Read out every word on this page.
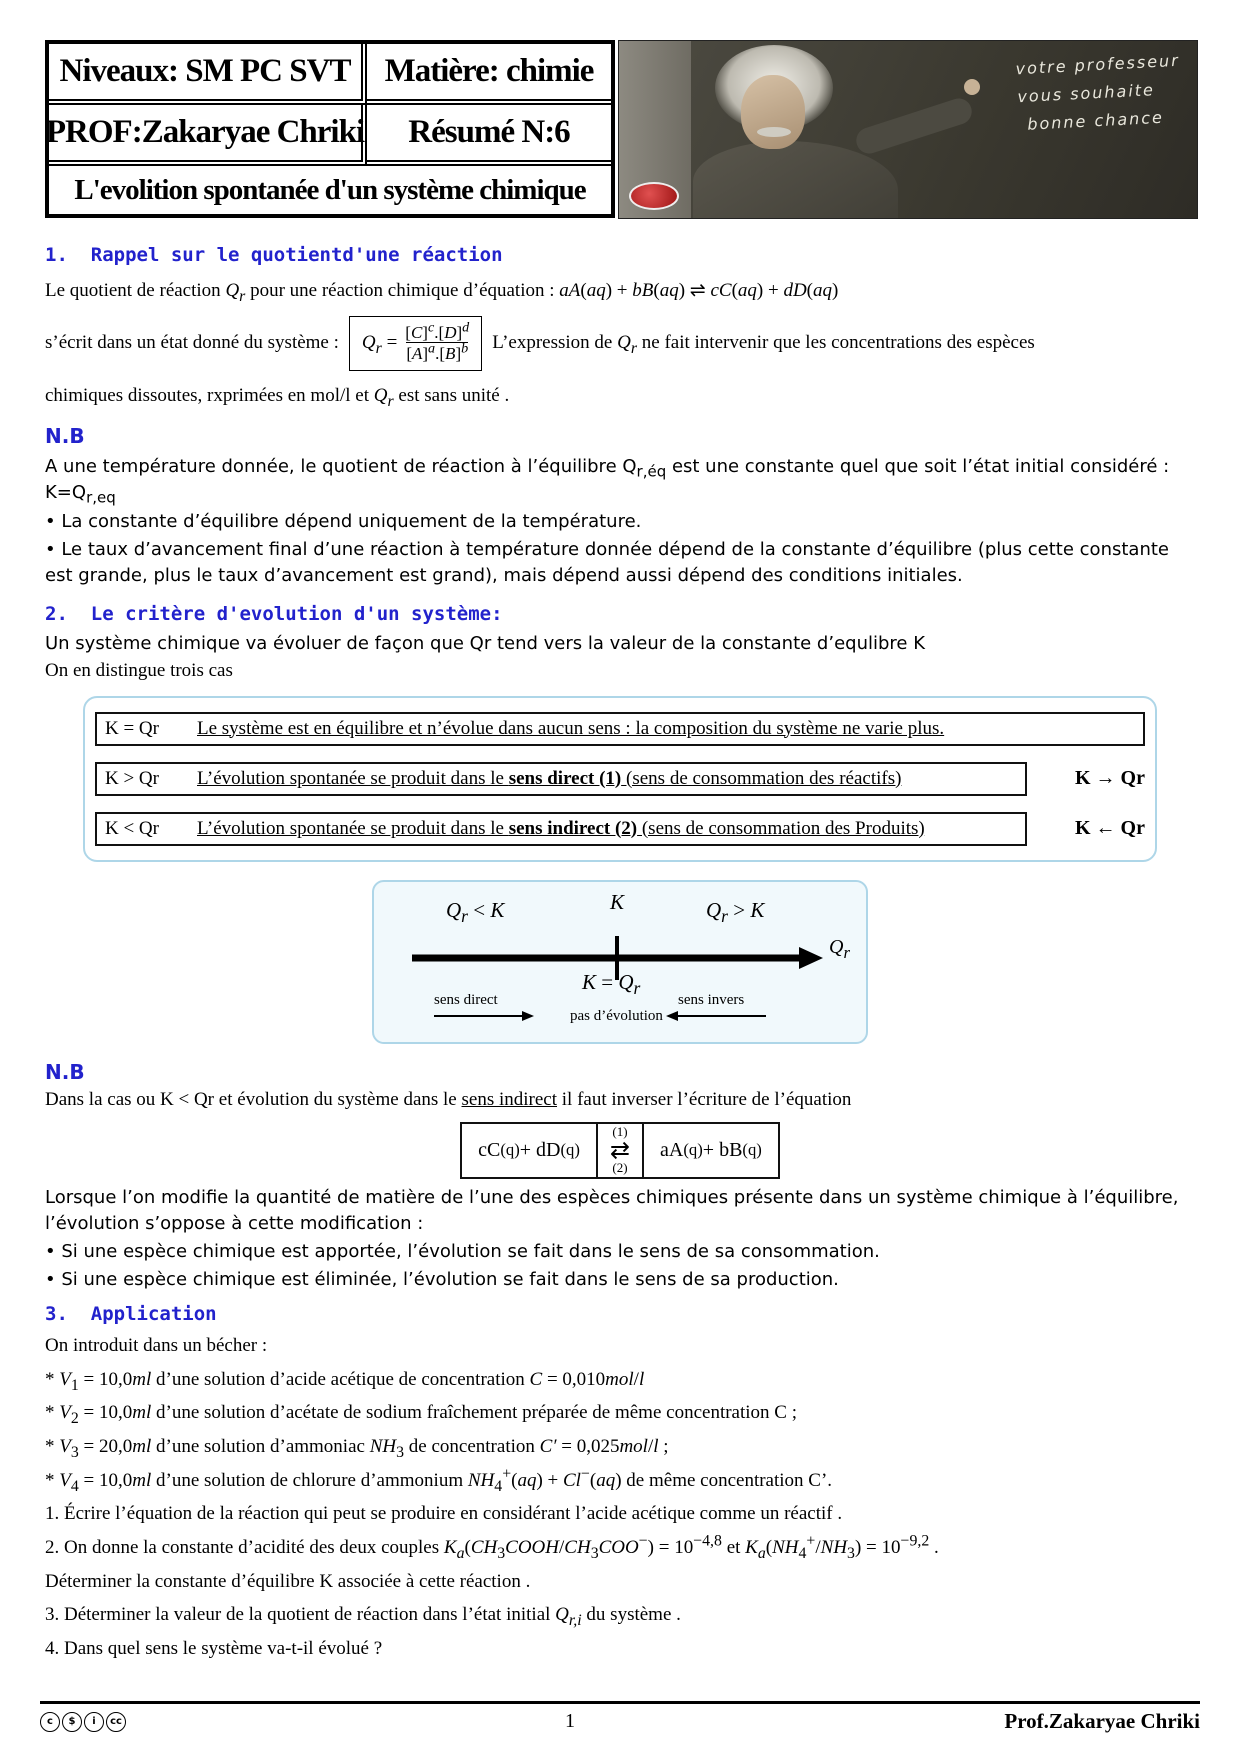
Niveaux: SM PC SVT Matière: chimie
PROF:Zakaryae Chriki Résumé N:6
L'evolition spontanée d'un système chimique
votre professeur
vous souhaite
bonne chance
1.  Rappel sur le quotientd'une réaction
Le quotient de réaction $Q_r$ pour une réaction chimique d’équation : aA(aq) + bB(aq) ⇌ cC(aq) + dD(aq)
s’écrit dans un état donné du système : $Q_r = \frac{[C]^c.[D]^d}{[A]^a.[B]^b}$ L’expression de $Q_r$ ne fait intervenir que les concentrations des espèces
chimiques dissoutes, rxprimées en mol/l et $Q_r$ est sans unité .
N.B
A une température donnée, le quotient de réaction à l’équilibre $Q_{r,éq}$ est une constante quel que soit l’état initial considéré : $K=Q_{r,eq}$
• La constante d’équilibre dépend uniquement de la température.
• Le taux d’avancement final d’une réaction à température donnée dépend de la constante d’équilibre (plus cette constante est grande, plus le taux d’avancement est grand), mais dépend aussi dépend des conditions initiales.
2.  Le critère d'evolution d'un système:
Un système chimique va évoluer de façon que Qr tend vers la valeur de la constante d’equlibre K
On en distingue trois cas
K = Qr	Le système est en équilibre et n’évolue dans aucun sens : la composition du système ne varie plus.
K > Qr	L’évolution spontanée se produit dans le sens direct (1) (sens de consommation des réactifs)	K → Qr
K < Qr	L’évolution spontanée se produit dans le sens indirect (2) (sens de consommation des Produits)	K ← Qr
$Q_r < K$	K	$Q_r > K$
$Q_r$
$K = Q_r$
sens direct
pas d’évolution
sens invers
N.B
Dans la cas ou K < Qr et évolution du système dans le sens indirect il faut inverser l’écriture de l’équation
cC (q) + dD (q)
(1)
⇄
(2)
aA (q) + bB (q)
Lorsque l’on modifie la quantité de matière de l’une des espèces chimiques présente dans un système chimique à l’équilibre, l’évolution s’oppose à cette modification :
• Si une espèce chimique est apportée, l’évolution se fait dans le sens de sa consommation.
• Si une espèce chimique est éliminée, l’évolution se fait dans le sens de sa production.
3.  Application
On introduit dans un bécher :
* $V_1 = 10,0ml$ d’une solution d’acide acétique de concentration C = 0,010mol/l
* $V_2 = 10,0ml$ d’une solution d’acétate de sodium fraîchement préparée de même concentration C ;
* $V_3 = 20,0ml$ d’une solution d’ammoniac $NH_3$ de concentration C′ = 0,025mol/l ;
* $V_4 = 10,0ml$ d’une solution de chlorure d’ammonium $NH_4^+(aq) + Cl^-(aq)$ de même concentration C’.
1. Écrire l’équation de la réaction qui peut se produire en considérant l’acide acétique comme un réactif .
2. On donne la constante d’acidité des deux couples $K_a(CH_3COOH/CH_3COO^-) = 10^{-4,8}$ et $K_a(NH_4^+/NH_3) = 10^{-9,2}$ .
Déterminer la constante d’équilibre K associée à cette réaction .
3. Déterminer la valeur de la quotient de réaction dans l’état initial $Q_{r,i}$ du système .
4. Dans quel sens le système va-t-il évolué ?
c	$	i	cc	1	Prof.Zakaryae Chriki
